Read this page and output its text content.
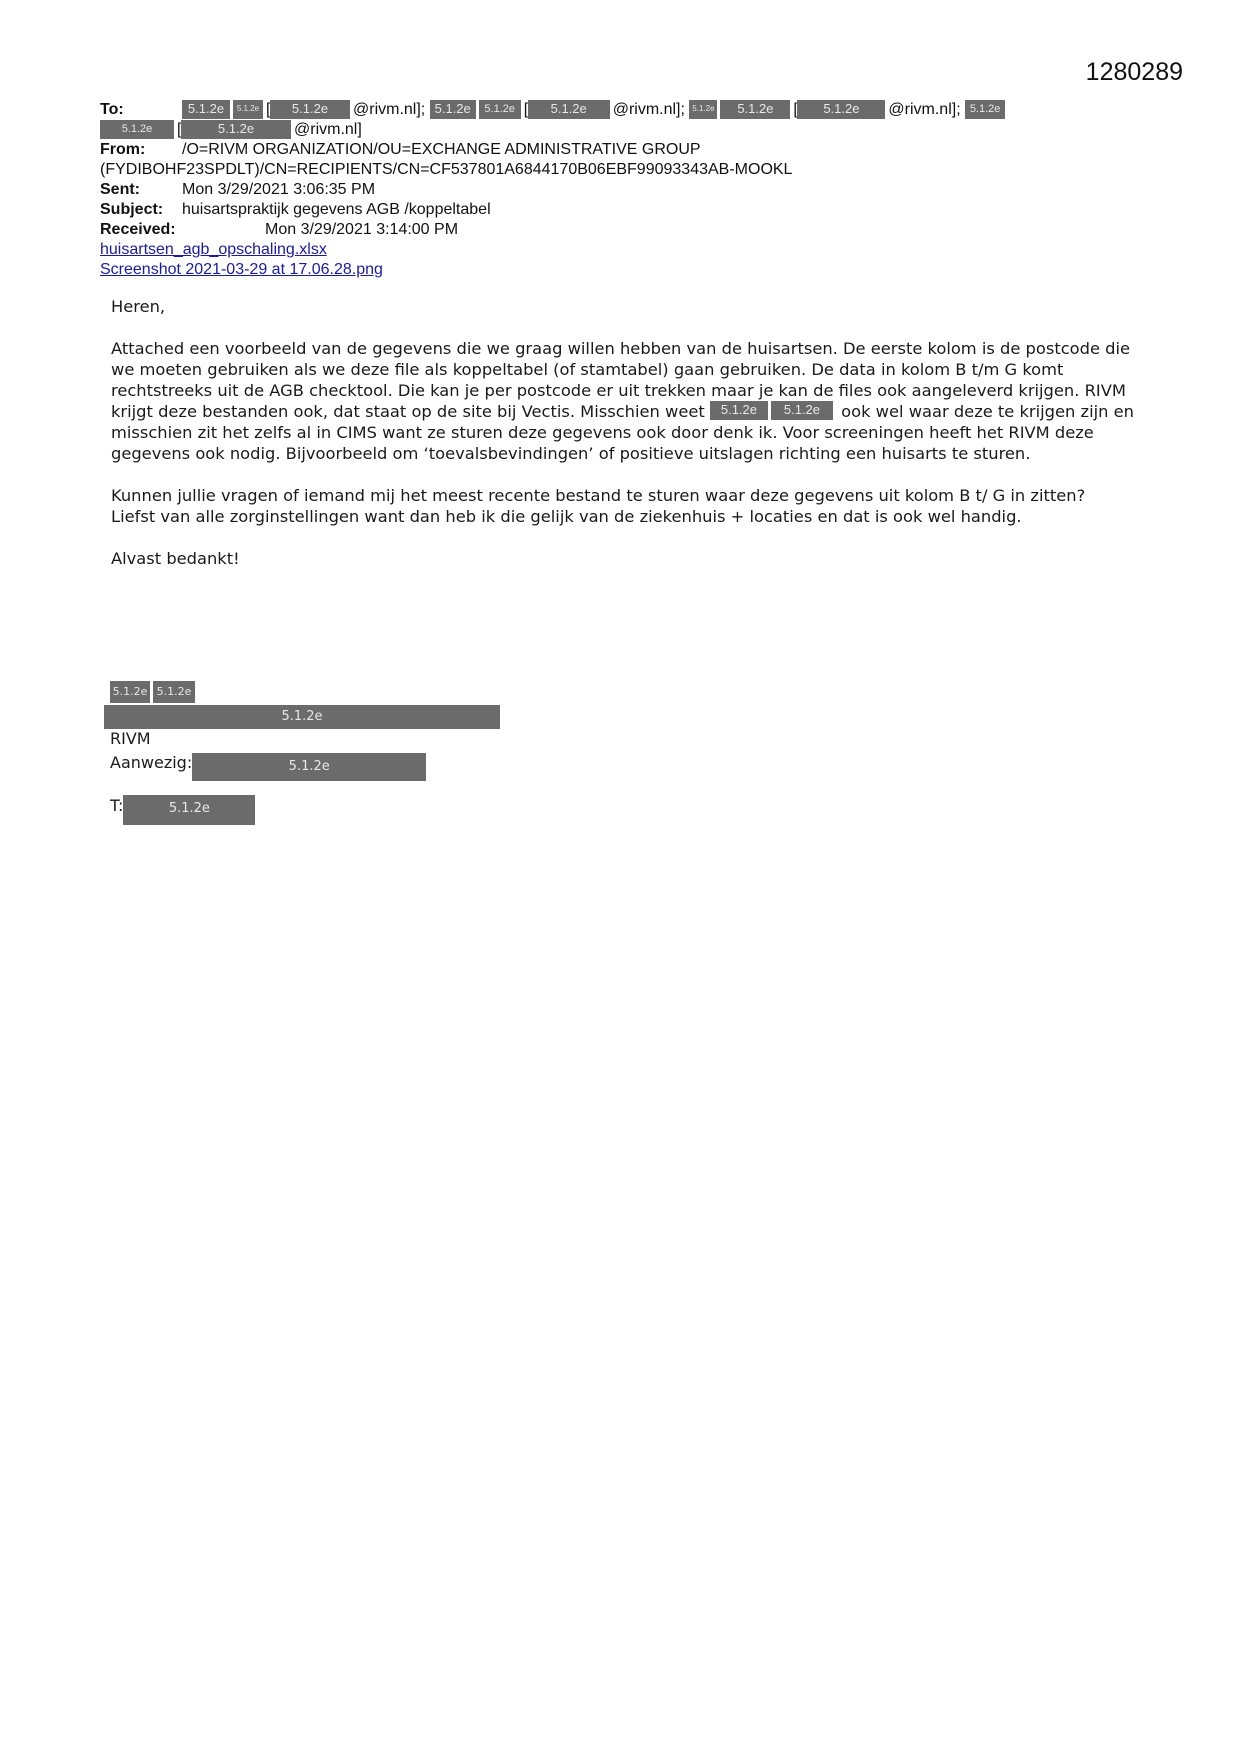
1280289
To:	5.1.2e 5.1.2e [ 5.1.2e @rivm.nl]; 5.1.2e 5.1.2e [ 5.1.2e @rivm.nl]; 5.1.2e 5.1.2e [ 5.1.2e @rivm.nl]; 5.1.2e
5.1.2e [	5.1.2e @rivm.nl]
From: /O=RIVM ORGANIZATION/OU=EXCHANGE ADMINISTRATIVE GROUP
(FYDIBOHF23SPDLT)/CN=RECIPIENTS/CN=CF537801A6844170B06EBF99093343AB-MOOKL
Sent:	Mon 3/29/2021 3:06:35 PM
Subject: huisartspraktijk gegevens AGB /koppeltabel
Received:	Mon 3/29/2021 3:14:00 PM
huisartsen_agb_opschaling.xlsx
Screenshot 2021-03-29 at 17.06.28.png

Heren,

Attached een voorbeeld van de gegevens die we graag willen hebben van de huisartsen. De eerste kolom is de postcode die we moeten gebruiken als we deze file als koppeltabel (of stamtabel) gaan gebruiken. De data in kolom B t/m G komt rechtstreeks uit de AGB checktool. Die kan je per postcode er uit trekken maar je kan de files ook aangeleverd krijgen. RIVM krijgt deze bestanden ook, dat staat op de site bij Vectis. Misschien weet 5.1.2e 5.1.2e ook wel waar deze te krijgen zijn en misschien zit het zelfs al in CIMS want ze sturen deze gegevens ook door denk ik. Voor screeningen heeft het RIVM deze gegevens ook nodig. Bijvoorbeeld om ‘toevalsbevindingen’ of positieve uitslagen richting een huisarts te sturen.

Kunnen jullie vragen of iemand mij het meest recente bestand te sturen waar deze gegevens uit kolom B t/ G in zitten?
Liefst van alle zorginstellingen want dan heb ik die gelijk van de ziekenhuis + locaties en dat is ook wel handig.

Alvast bedankt!

5.1.2e 5.1.2e
5.1.2e
RIVM
Aanwezig:	5.1.2e
T:	5.1.2e
